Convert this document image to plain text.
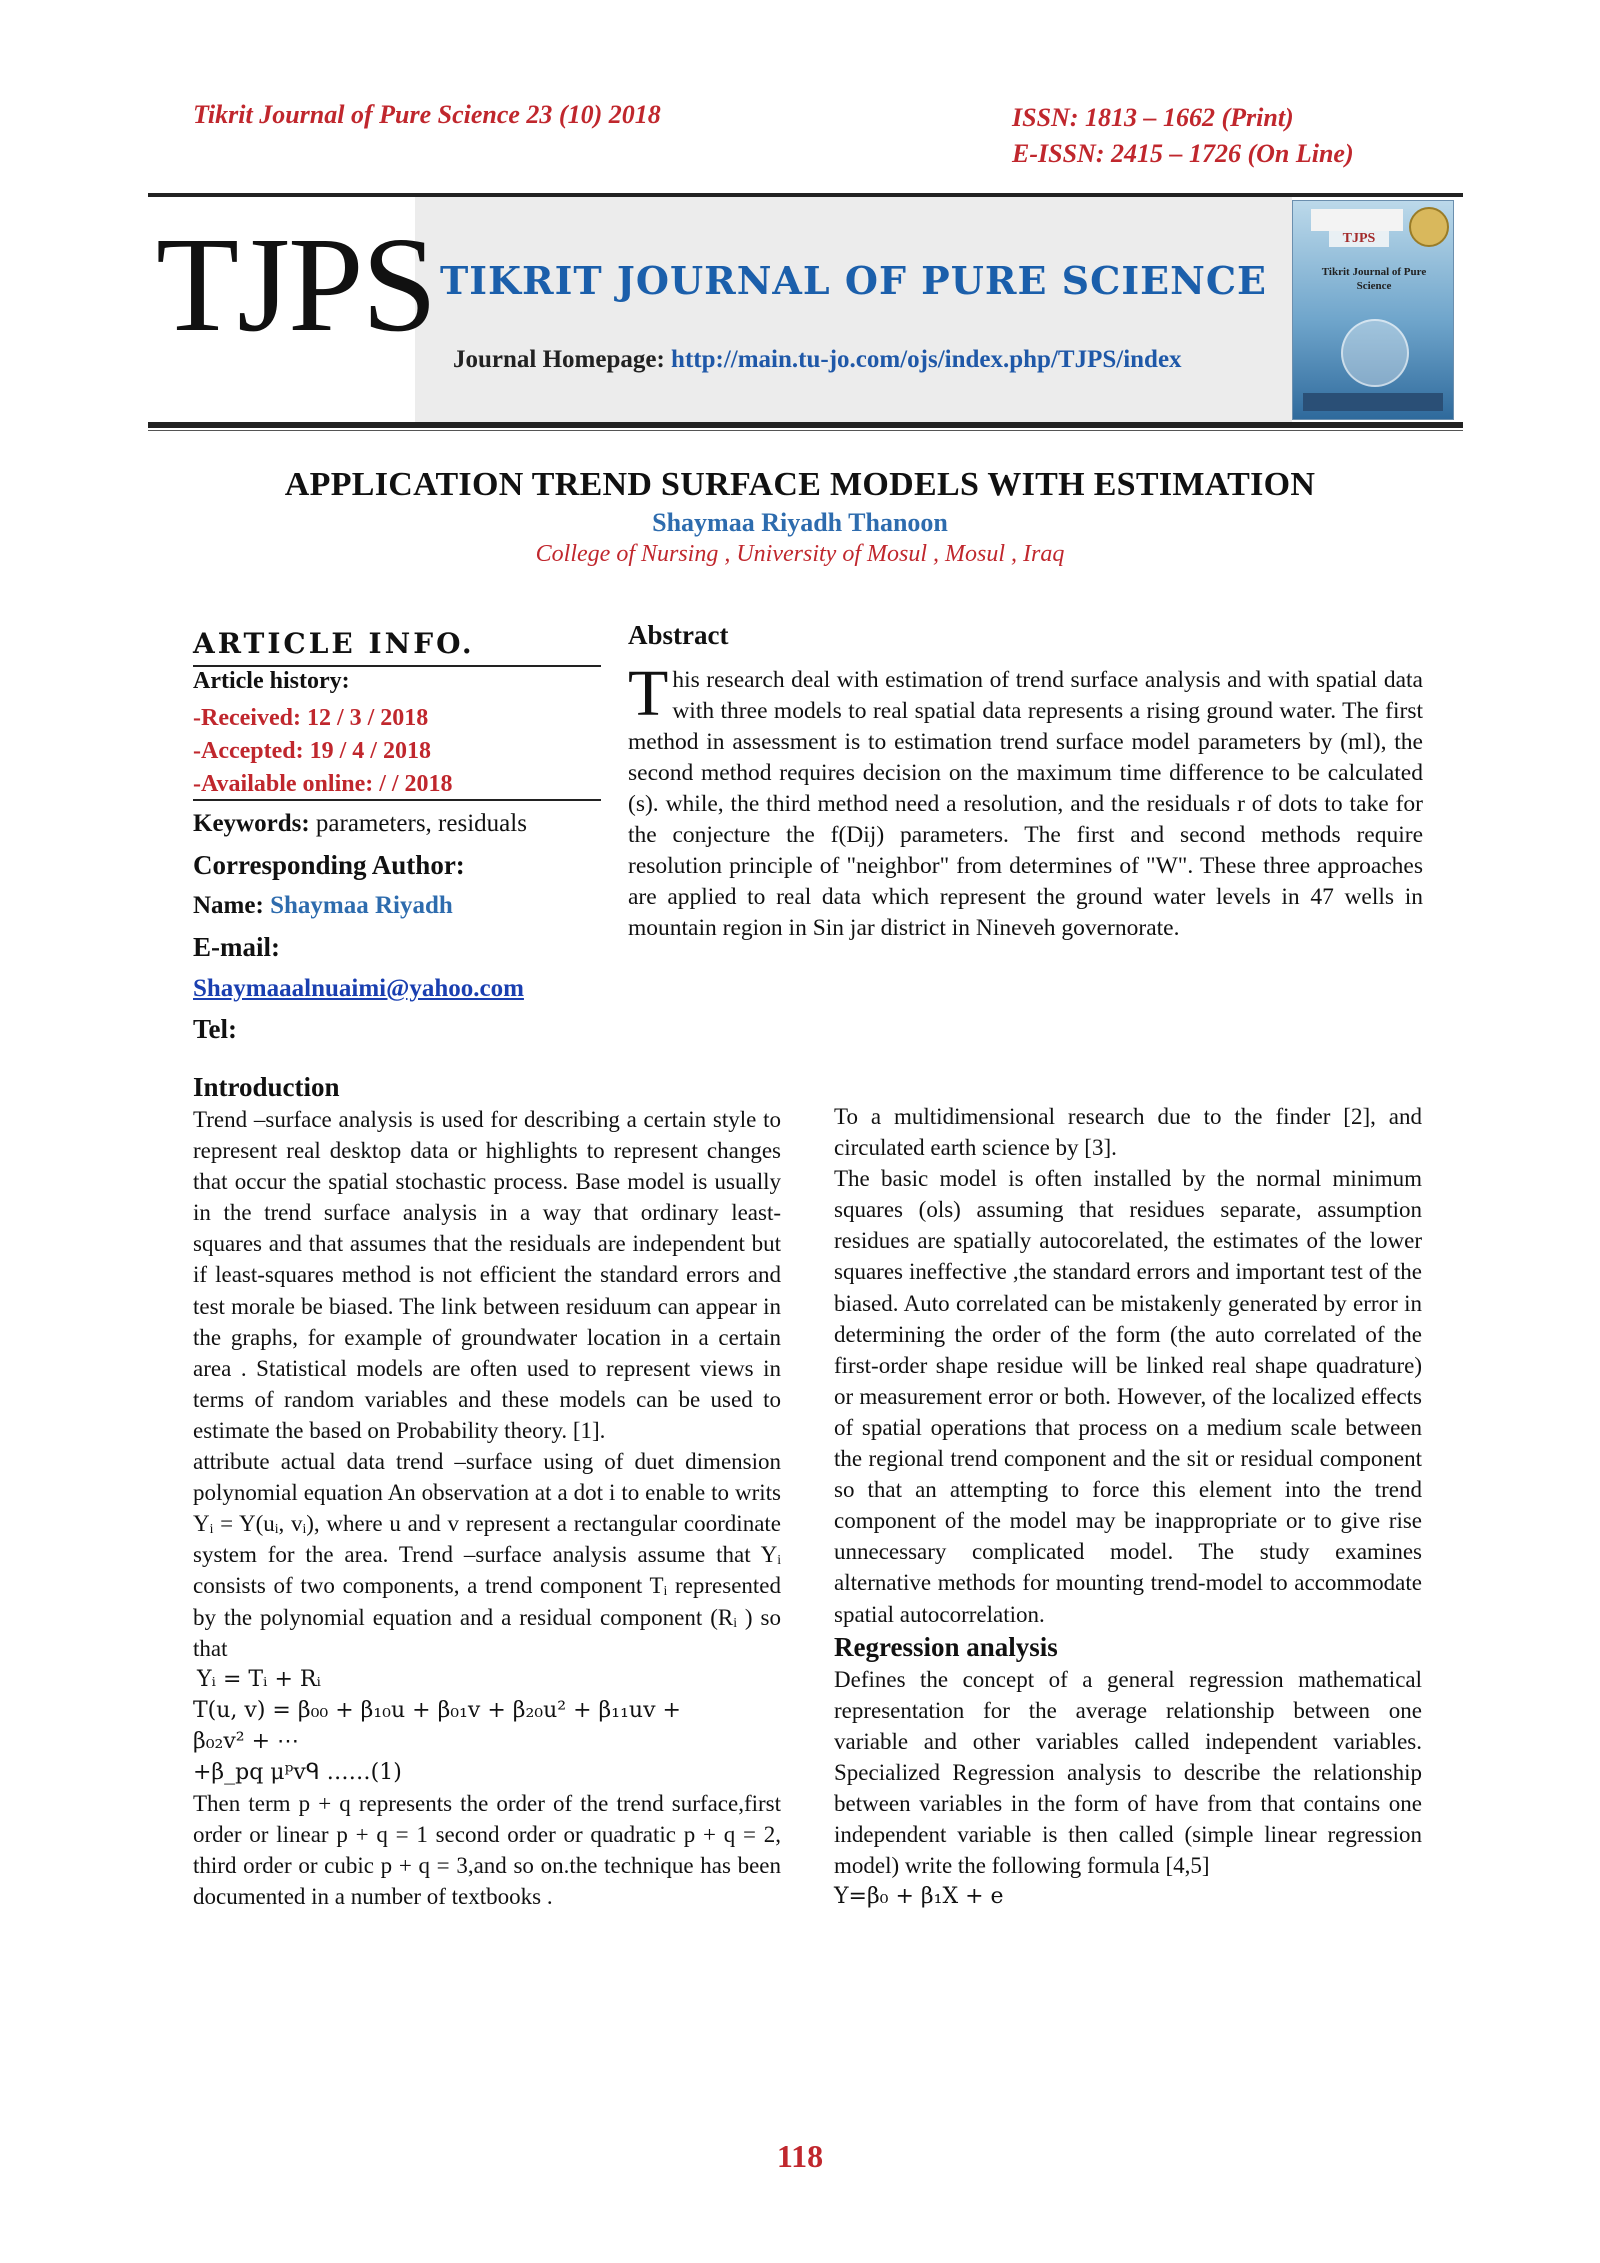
Tikrit Journal of Pure Science 23 (10) 2018	ISSN: 1813 – 1662 (Print)
E-ISSN: 2415 – 1726 (On Line)
TJPS TIKRIT JOURNAL OF PURE SCIENCE
Journal Homepage: http://main.tu-jo.com/ojs/index.php/TJPS/index
TJPS
Tikrit Journal of Pure Science
APPLICATION TREND SURFACE MODELS WITH ESTIMATION
Shaymaa Riyadh Thanoon
College of Nursing , University of Mosul , Mosul , Iraq
ARTICLE INFO.
Article history:
-Received: 12 / 3 / 2018
-Accepted: 19 / 4 / 2018
-Available online: / / 2018
Keywords: parameters, residuals
Corresponding Author:
Name: Shaymaa Riyadh
E-mail:
Shaymaaalnuaimi@yahoo.com
Tel:
Abstract
This research deal with estimation of trend surface analysis and with spatial data with three models to real spatial data represents a rising ground water. The first method in assessment is to estimation trend surface model parameters by (ml), the second method requires decision on the maximum time difference to be calculated (s). while, the third method need a resolution, and the residuals r of dots to take for the conjecture the f(Dij) parameters. The first and second methods require resolution principle of "neighbor" from determines of "W". These three approaches are applied to real data which represent the ground water levels in 47 wells in mountain region in Sin jar district in Nineveh governorate.
Introduction

Trend –surface analysis is used for describing a certain style to represent real desktop data or highlights to represent changes that occur the spatial stochastic process. Base model is usually in the trend surface analysis in a way that ordinary least-squares and that assumes that the residuals are independent but if least-squares method is not efficient the standard errors and test morale be biased. The link between residuum can appear in the graphs, for example of groundwater location in a certain area . Statistical models are often used to represent views in terms of random variables and these models can be used to estimate the based on Probability theory. [1].

attribute actual data trend –surface using of duet dimension polynomial equation An observation at a dot i to enable to writs Yᵢ = Y(uᵢ, vᵢ), where u and v represent a rectangular coordinate system for the area. Trend –surface analysis assume that Yᵢ consists of two components, a trend component Tᵢ represented by the polynomial equation and a residual component (Rᵢ ) so that

Yᵢ = Tᵢ + Rᵢ

T(u, v) = β₀₀ + β₁₀u + β₀₁v + β₂₀u² + β₁₁uv +

β₀₂v² + ⋯

+β_pq μᵖvᑫ ……(1)

Then term p + q represents the order of the trend surface,first order or linear p + q = 1 second order or quadratic p + q = 2, third order or cubic p + q = 3,and so on.the technique has been documented in a number of textbooks .

To a multidimensional research due to the finder [2], and circulated earth science by [3].

The basic model is often installed by the normal minimum squares (ols) assuming that residues separate, assumption residues are spatially autocorelated, the estimates of the lower squares ineffective ,the standard errors and important test of the biased. Auto correlated can be mistakenly generated by error in determining the order of the form (the auto correlated of the first-order shape residue will be linked real shape quadrature) or measurement error or both. However, of the localized effects of spatial operations that process on a medium scale between the regional trend component and the sit or residual component so that an attempting to force this element into the trend component of the model may be inappropriate or to give rise unnecessary complicated model. The study examines alternative methods for mounting trend-model to accommodate spatial autocorrelation.

Regression analysis

Defines the concept of a general regression mathematical representation for the average relationship between one variable and other variables called independent variables. Specialized Regression analysis to describe the relationship between variables in the form of have from that contains one independent variable is then called (simple linear regression model) write the following formula [4,5]

Y=β₀ + β₁X + e

118
